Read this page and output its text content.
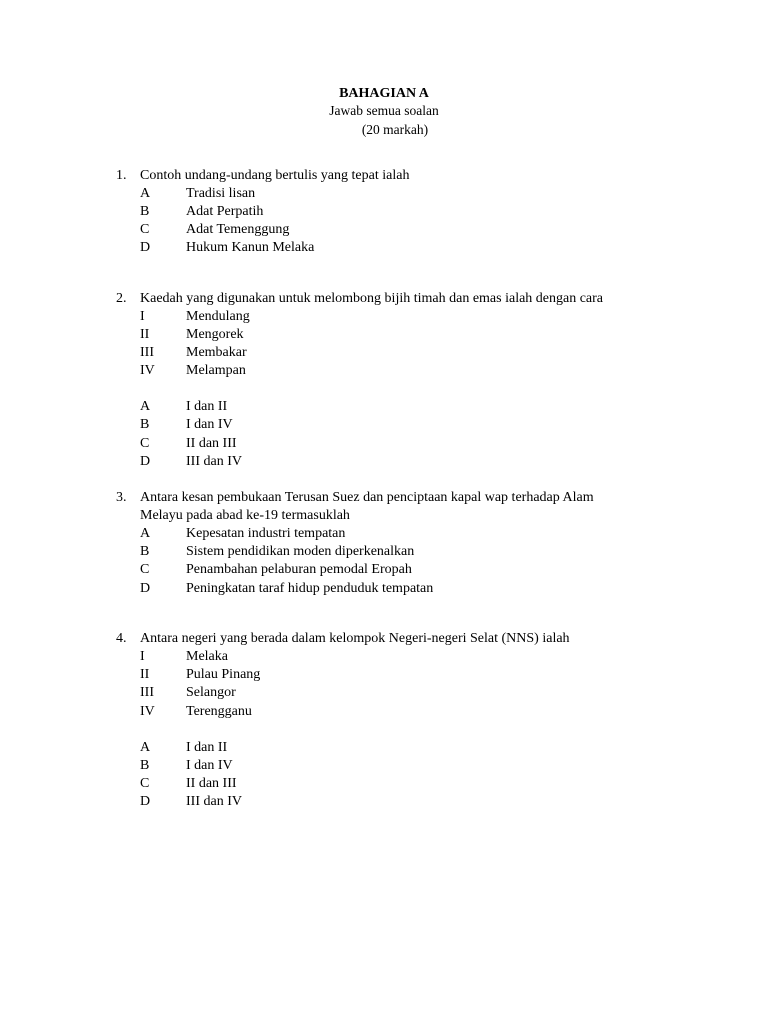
BAHAGIAN A
Jawab semua soalan
(20 markah)
1. Contoh undang-undang bertulis yang tepat ialah
A	Tradisi lisan
B	Adat Perpatih
C	Adat Temenggung
D	Hukum Kanun Melaka
2. Kaedah yang digunakan untuk melombong bijih timah dan emas ialah dengan cara
I	Mendulang
II	Mengorek
III Membakar
IV Melampan
A	I dan II
B	I dan IV
C	II dan III
D	III dan IV
3. Antara kesan pembukaan Terusan Suez dan penciptaan kapal wap terhadap Alam
Melayu pada abad ke-19 termasuklah
A	Kepesatan industri tempatan
B	Sistem pendidikan moden diperkenalkan
C	Penambahan pelaburan pemodal Eropah
D	Peningkatan taraf hidup penduduk tempatan
4. Antara negeri yang berada dalam kelompok Negeri-negeri Selat (NNS) ialah
I	Melaka
II	Pulau Pinang
III Selangor
IV Terengganu
A	I dan II
B	I dan IV
C	II dan III
D	III dan IV
